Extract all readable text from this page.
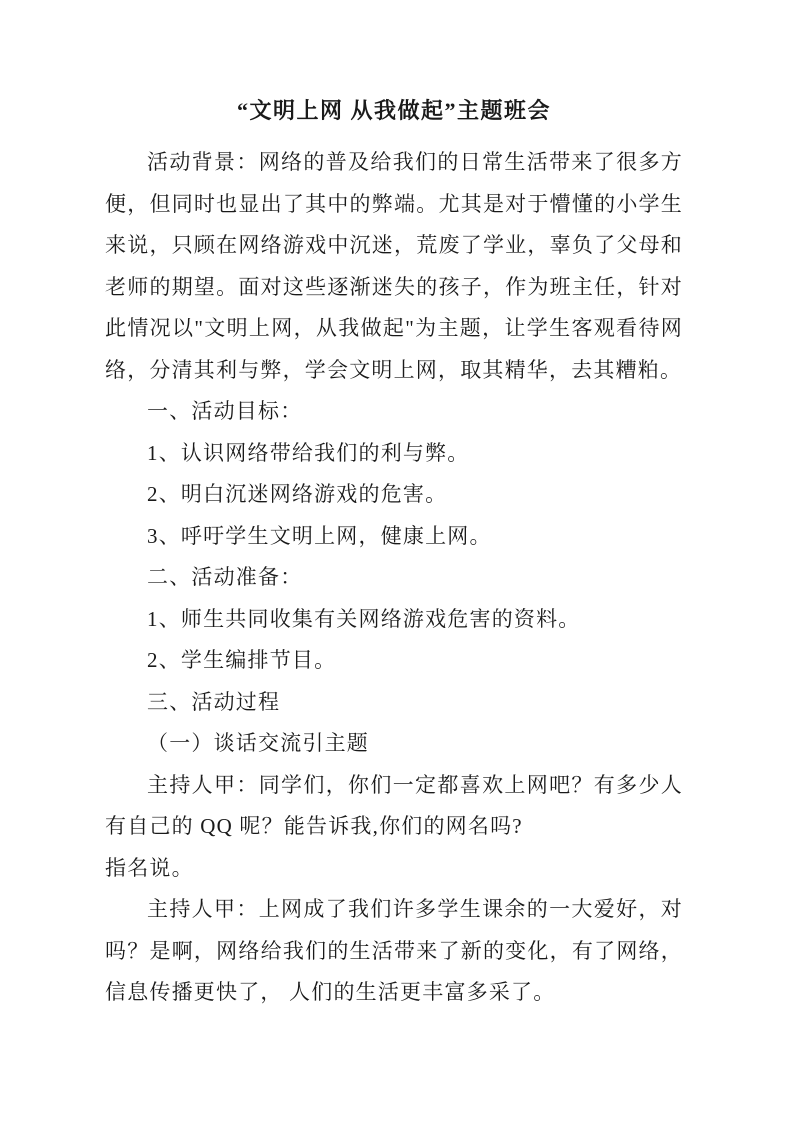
“文明上网 从我做起”主题班会

活动背景：网络的普及给我们的日常生活带来了很多方便，但同时也显出了其中的弊端。尤其是对于懵懂的小学生来说，只顾在网络游戏中沉迷，荒废了学业，辜负了父母和老师的期望。面对这些逐渐迷失的孩子，作为班主任，针对此情况以"文明上网，从我做起"为主题，让学生客观看待网络，分清其利与弊，学会文明上网，取其精华，去其糟粕。

一、活动目标：

1、认识网络带给我们的利与弊。

2、明白沉迷网络游戏的危害。

3、呼吁学生文明上网，健康上网。

二、活动准备：

1、师生共同收集有关网络游戏危害的资料。

2、学生编排节目。

三、活动过程

（一）谈话交流引主题

主持人甲：同学们，你们一定都喜欢上网吧？有多少人有自己的 QQ 呢？能告诉我,你们的网名吗?

指名说。

主持人甲：上网成了我们许多学生课余的一大爱好，对吗？是啊，网络给我们的生活带来了新的变化，有了网络，信息传播更快了， 人们的生活更丰富多采了。
